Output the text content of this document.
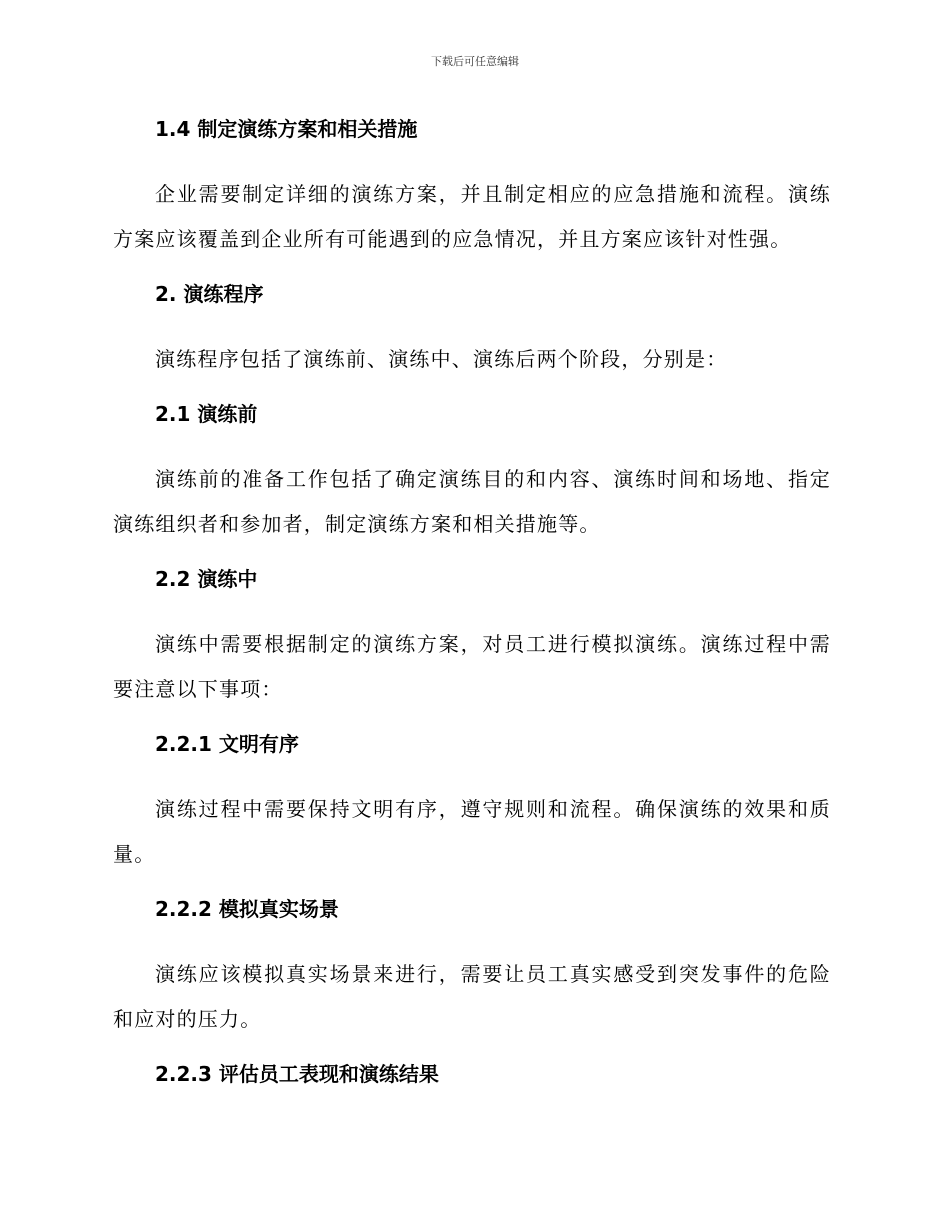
下载后可任意编辑
1.4 制定演练方案和相关措施

企业需要制定详细的演练方案，并且制定相应的应急措施和流程。演练方案应该覆盖到企业所有可能遇到的应急情况，并且方案应该针对性强。

2. 演练程序

演练程序包括了演练前、演练中、演练后两个阶段，分别是：

2.1 演练前

演练前的准备工作包括了确定演练目的和内容、演练时间和场地、指定演练组织者和参加者，制定演练方案和相关措施等。

2.2 演练中

演练中需要根据制定的演练方案，对员工进行模拟演练。演练过程中需要注意以下事项：

2.2.1 文明有序

演练过程中需要保持文明有序，遵守规则和流程。确保演练的效果和质量。

2.2.2 模拟真实场景

演练应该模拟真实场景来进行，需要让员工真实感受到突发事件的危险和应对的压力。

2.2.3 评估员工表现和演练结果
